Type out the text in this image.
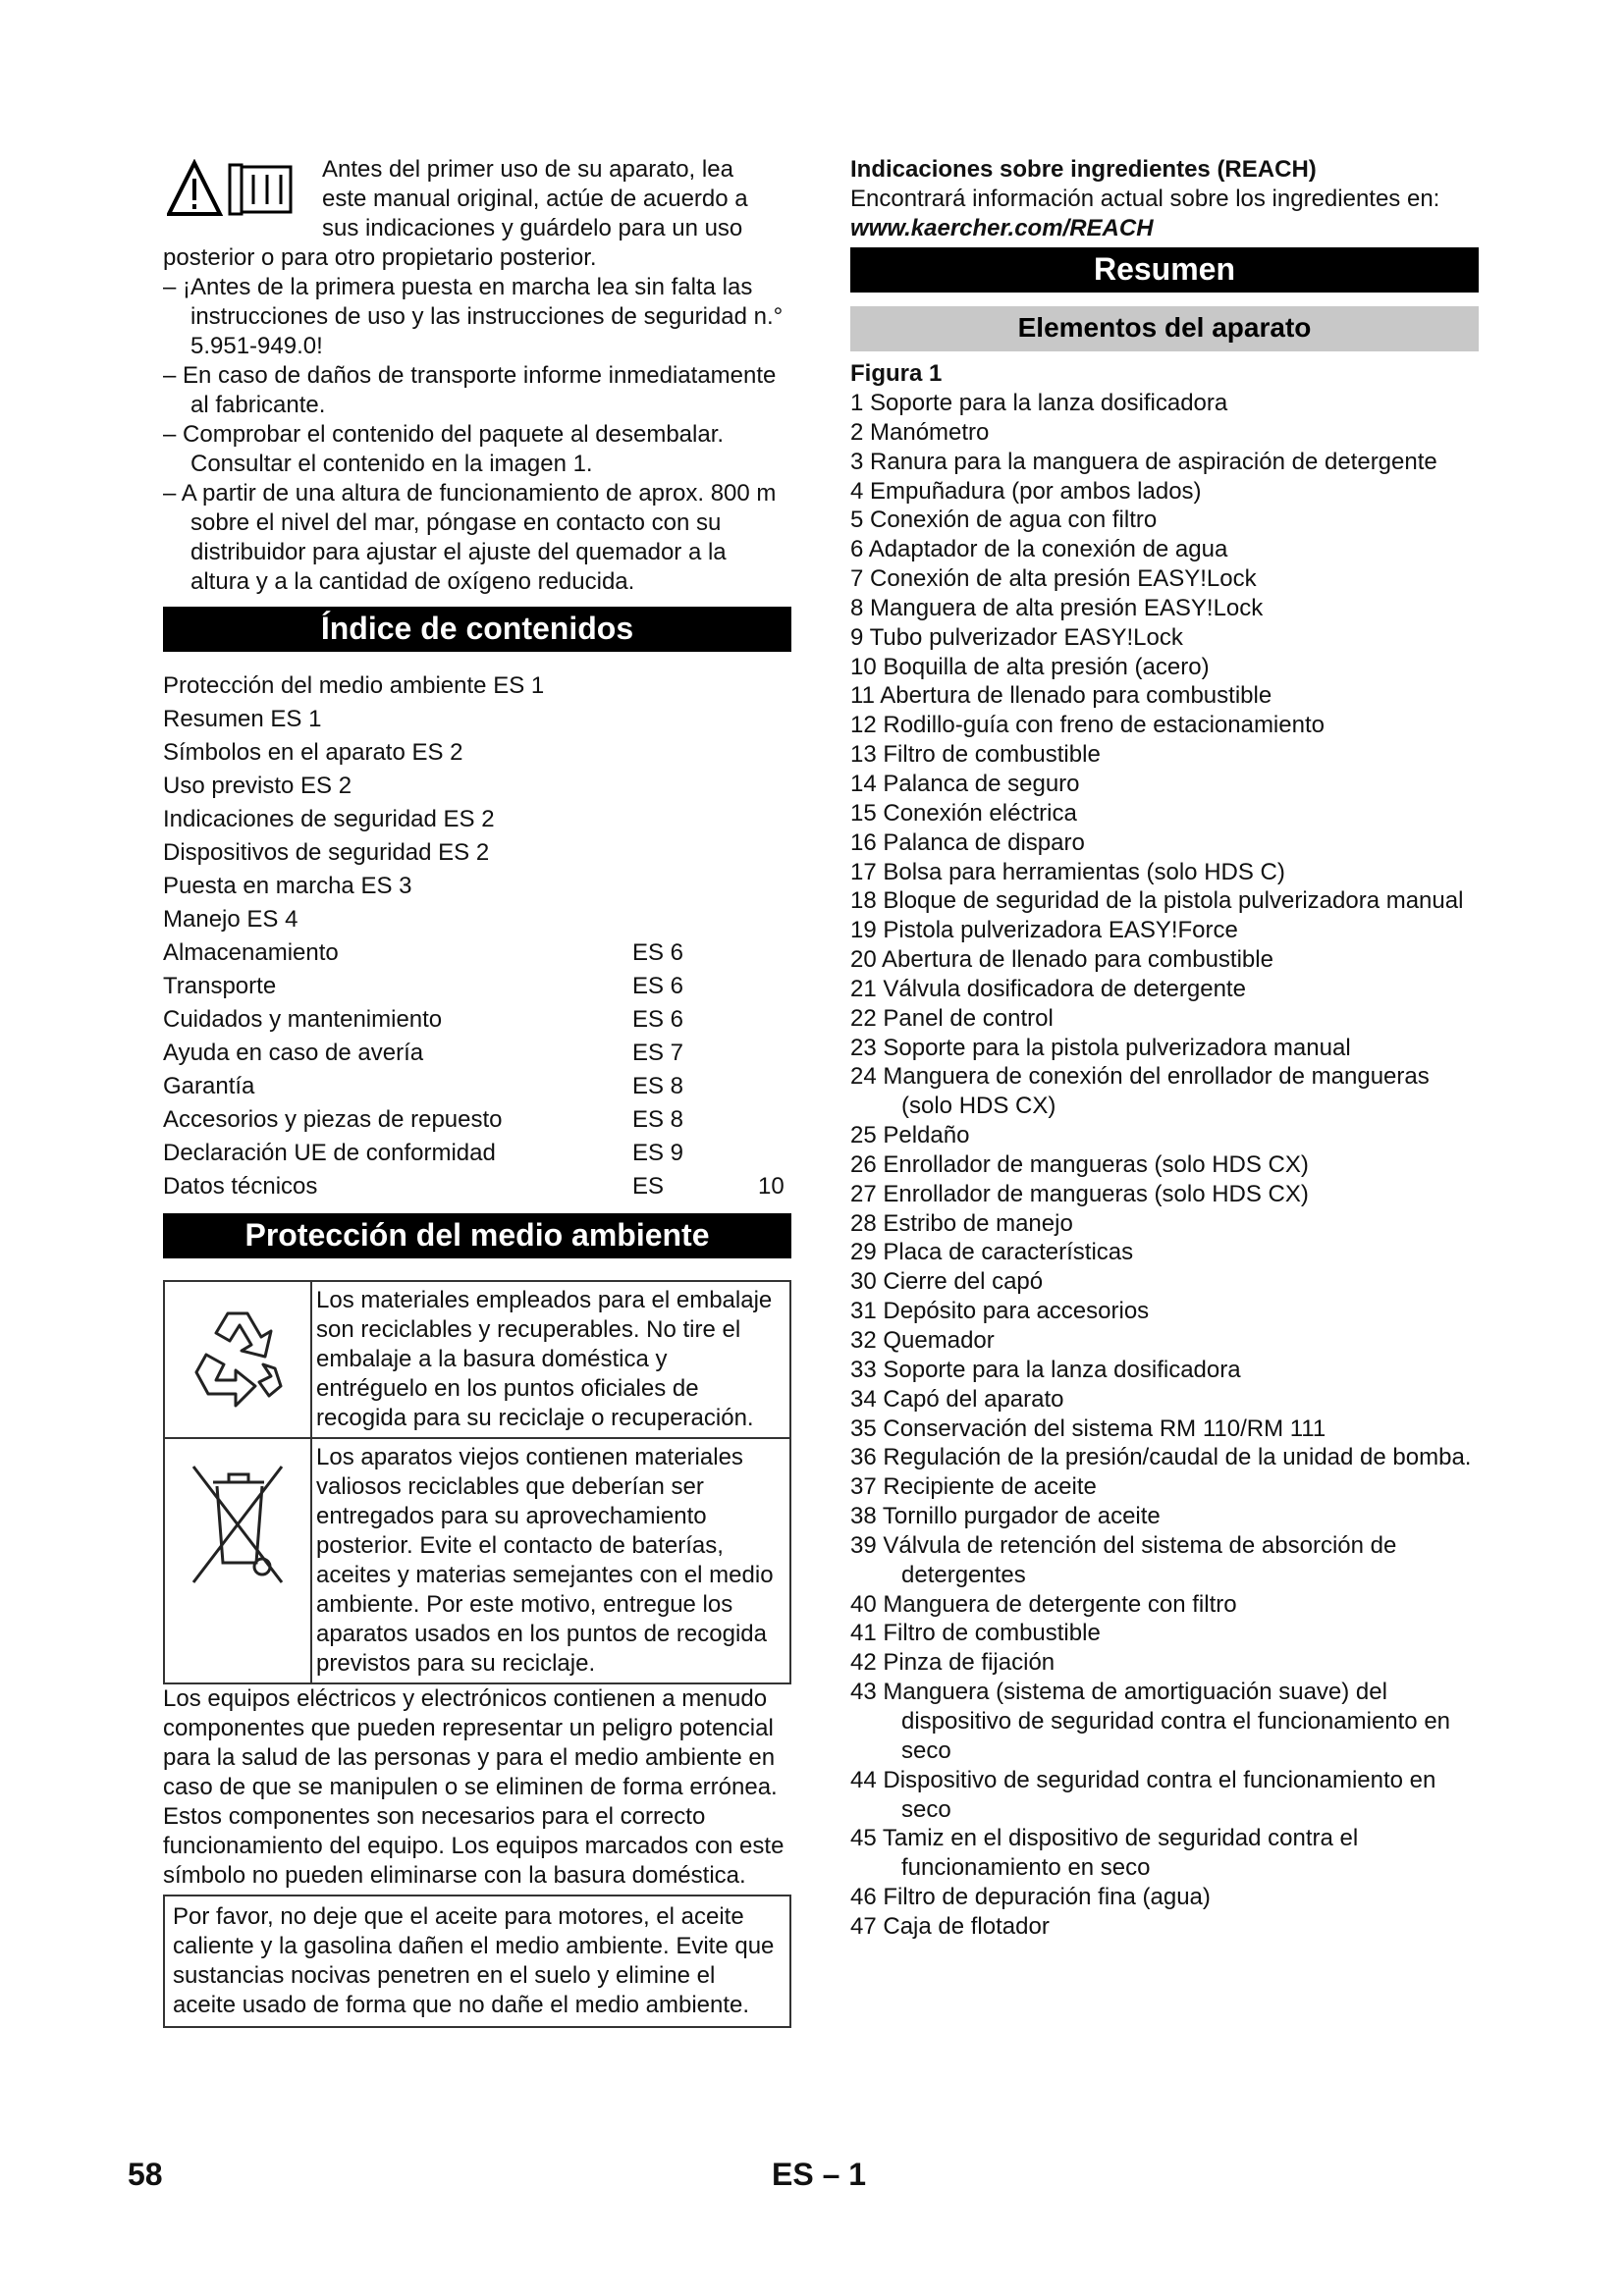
Antes del primer uso de su aparato, lea
este manual original, actúe de acuerdo a
sus indicaciones y guárdelo para un uso
posterior o para otro propietario posterior.
– ¡Antes de la primera puesta en marcha lea sin falta las instrucciones de uso y las instrucciones de seguridad n.° 5.951-949.0!
– En caso de daños de transporte informe inmediatamente al fabricante.
– Comprobar el contenido del paquete al desembalar. Consultar el contenido en la imagen 1.
– A partir de una altura de funcionamiento de aprox. 800 m sobre el nivel del mar, póngase en contacto con su distribuidor para ajustar el ajuste del quemador a la altura y a la cantidad de oxígeno reducida.
Índice de contenidos
Protección del medio ambiente ES 1
Resumen ES 1
Símbolos en el aparato ES 2
Uso previsto ES 2
Indicaciones de seguridad ES 2
Dispositivos de seguridad ES 2
Puesta en marcha ES 3
Manejo ES 4
Almacenamiento	ES 6
Transporte	ES 6
Cuidados y mantenimiento	ES 6
Ayuda en caso de avería	ES 7
Garantía	ES 8
Accesorios y piezas de repuesto	ES 8
Declaración UE de conformidad	ES 9
Datos técnicos	ES	10
Protección del medio ambiente
	Los materiales empleados para el embalaje son reciclables y recuperables. No tire el embalaje a la basura doméstica y entréguelo en los puntos oficiales de recogida para su reciclaje o recuperación.
	Los aparatos viejos contienen materiales valiosos reciclables que deberían ser entregados para su aprovechamiento posterior. Evite el contacto de baterías, aceites y materias semejantes con el medio ambiente. Por este motivo, entregue los aparatos usados en los puntos de recogida previstos para su reciclaje.
Los equipos eléctricos y electrónicos contienen a menudo componentes que pueden representar un peligro potencial para la salud de las personas y para el medio ambiente en caso de que se manipulen o se eliminen de forma errónea. Estos componentes son necesarios para el correcto funcionamiento del equipo. Los equipos marcados con este símbolo no pueden eliminarse con la basura doméstica.
Por favor, no deje que el aceite para motores, el aceite caliente y la gasolina dañen el medio ambiente. Evite que sustancias nocivas penetren en el suelo y elimine el aceite usado de forma que no dañe el medio ambiente.
Indicaciones sobre ingredientes (REACH)
Encontrará información actual sobre los ingredientes en:
www.kaercher.com/REACH
Resumen
Elementos del aparato
Figura 1
1 Soporte para la lanza dosificadora
2 Manómetro
3 Ranura para la manguera de aspiración de detergente
4 Empuñadura (por ambos lados)
5 Conexión de agua con filtro
6 Adaptador de la conexión de agua
7 Conexión de alta presión EASY!Lock
8 Manguera de alta presión EASY!Lock
9 Tubo pulverizador EASY!Lock
10 Boquilla de alta presión (acero)
11 Abertura de llenado para combustible
12 Rodillo-guía con freno de estacionamiento
13 Filtro de combustible
14 Palanca de seguro
15 Conexión eléctrica
16 Palanca de disparo
17 Bolsa para herramientas (solo HDS C)
18 Bloque de seguridad de la pistola pulverizadora manual
19 Pistola pulverizadora EASY!Force
20 Abertura de llenado para combustible
21 Válvula dosificadora de detergente
22 Panel de control
23 Soporte para la pistola pulverizadora manual
24 Manguera de conexión del enrollador de mangueras (solo HDS CX)
25 Peldaño
26 Enrollador de mangueras (solo HDS CX)
27 Enrollador de mangueras (solo HDS CX)
28 Estribo de manejo
29 Placa de características
30 Cierre del capó
31 Depósito para accesorios
32 Quemador
33 Soporte para la lanza dosificadora
34 Capó del aparato
35 Conservación del sistema RM 110/RM 111
36 Regulación de la presión/caudal de la unidad de bomba.
37 Recipiente de aceite
38 Tornillo purgador de aceite
39 Válvula de retención del sistema de absorción de detergentes
40 Manguera de detergente con filtro
41 Filtro de combustible
42 Pinza de fijación
43 Manguera (sistema de amortiguación suave) del dispositivo de seguridad contra el funcionamiento en seco
44 Dispositivo de seguridad contra el funcionamiento en seco
45 Tamiz en el dispositivo de seguridad contra el funcionamiento en seco
46 Filtro de depuración fina (agua)
47 Caja de flotador
58	ES – 1
